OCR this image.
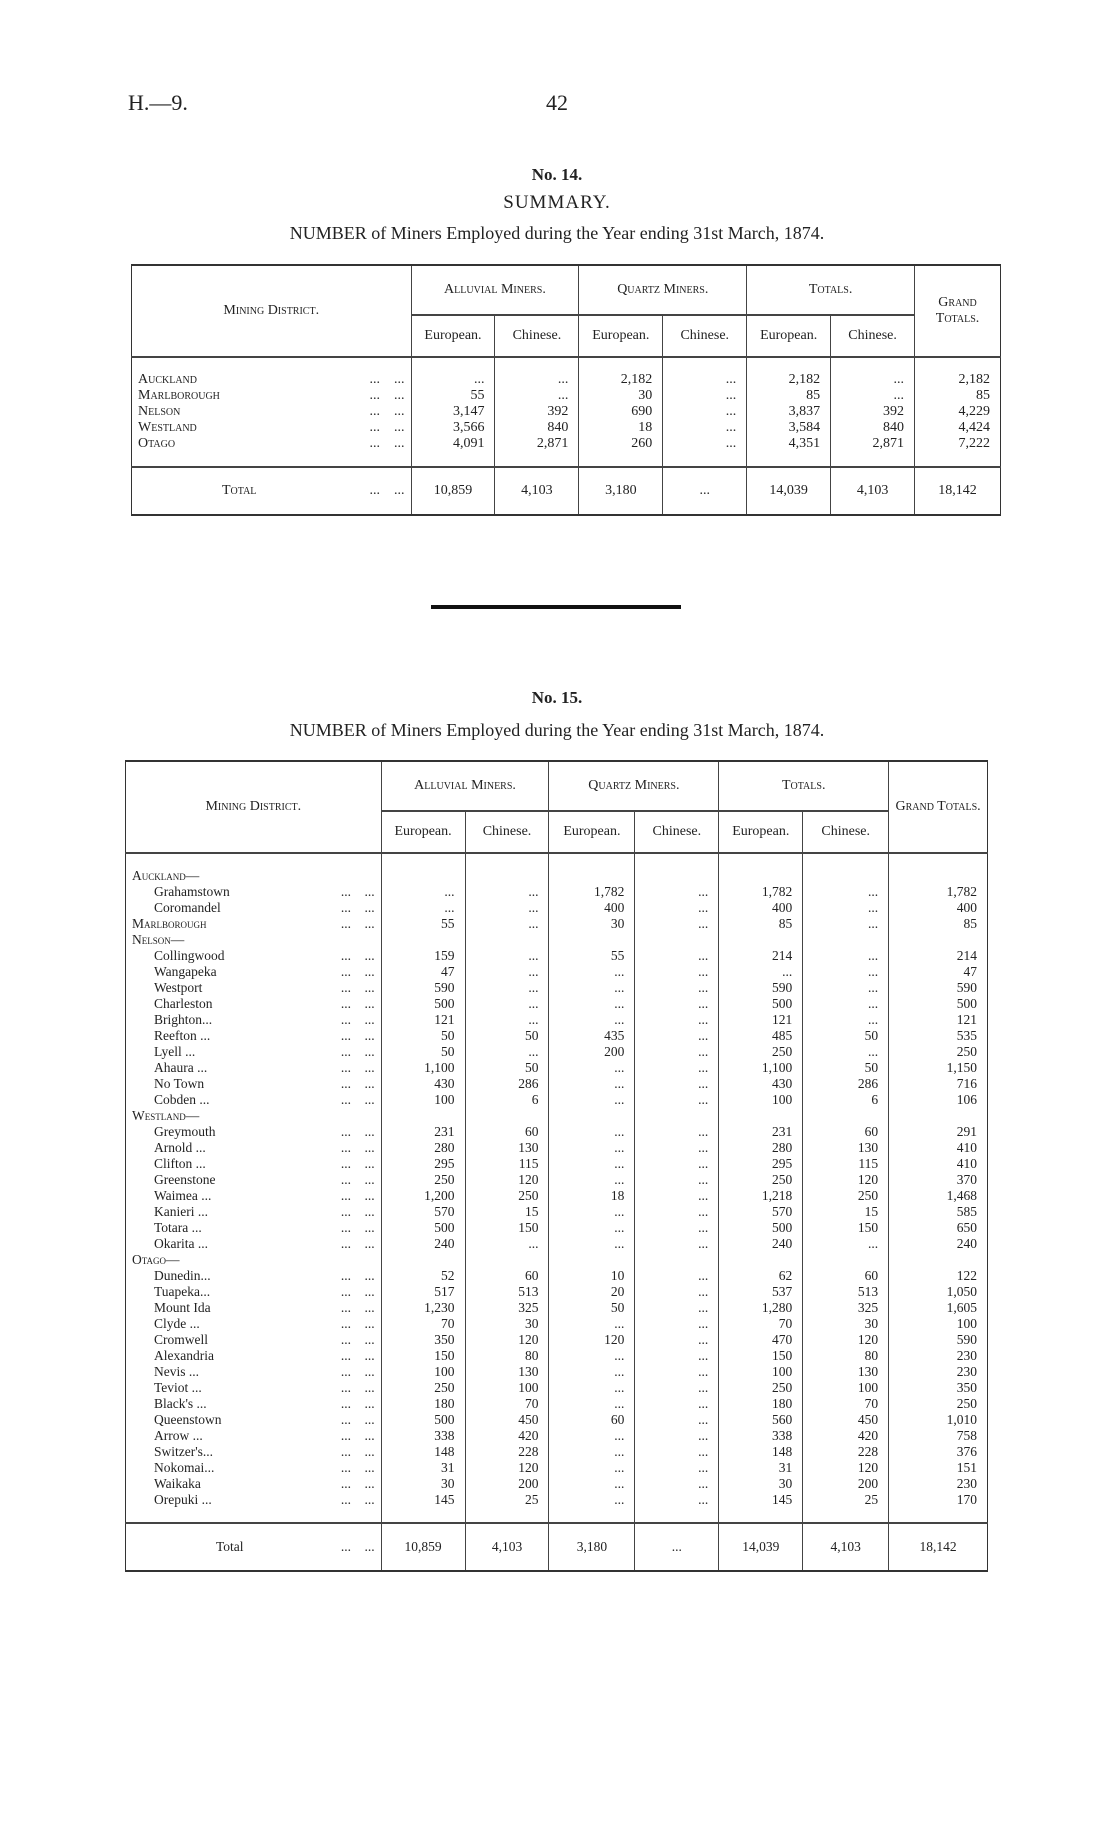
H.—9.	42
No. 14.
SUMMARY.
NUMBER of Miners Employed during the Year ending 31st March, 1874.
No. 15.
NUMBER of Miners Employed during the Year ending 31st March, 1874.
Mining District.	Alluvial Miners.		Quartz Miners.		Totals.		Grand Totals.
	European.	Chinese.	European.	Chinese.	European.	Chinese.	

Auckland ...    ...	...	...	2,182	...	2,182	...	2,182
Marlborough ...    ...	55	...	30	...	85	...	85
Nelson ...    ...	3,147	392	690	...	3,837	392	4,229
Westland ...    ...	3,566	840	18	...	3,584	840	4,424
Otago ...    ...	4,091	2,871	260	...	4,351	2,871	7,222

Total ...    ...	10,859	4,103	3,180	...	14,039	4,103	18,142
Mining District.	Alluvial Miners.		Quartz Miners.		Totals.		Grand Totals.
	European.	Chinese.	European.	Chinese.	European.	Chinese.	

Auckland—							
Grahamstown ...    ...	...	...	1,782	...	1,782	...	1,782
Coromandel ...    ...	...	...	400	...	400	...	400
Marlborough ...    ...	55	...	30	...	85	...	85
Nelson—							
Collingwood ...    ...	159	...	55	...	214	...	214
Wangapeka ...    ...	47	...	...	...	...	...	47
Westport ...    ...	590	...	...	...	590	...	590
Charleston ...    ...	500	...	...	...	500	...	500
Brighton... ...    ...	121	...	...	...	121	...	121
Reefton ... ...    ...	50	50	435	...	485	50	535
Lyell ... ...    ...	50	...	200	...	250	...	250
Ahaura ... ...    ...	1,100	50	...	...	1,100	50	1,150
No Town ...    ...	430	286	...	...	430	286	716
Cobden ... ...    ...	100	6	...	...	100	6	106
Westland—							
Greymouth ...    ...	231	60	...	...	231	60	291
Arnold ... ...    ...	280	130	...	...	280	130	410
Clifton ... ...    ...	295	115	...	...	295	115	410
Greenstone ...    ...	250	120	...	...	250	120	370
Waimea ... ...    ...	1,200	250	18	...	1,218	250	1,468
Kanieri ... ...    ...	570	15	...	...	570	15	585
Totara ... ...    ...	500	150	...	...	500	150	650
Okarita ... ...    ...	240	...	...	...	240	...	240
Otago—							
Dunedin... ...    ...	52	60	10	...	62	60	122
Tuapeka... ...    ...	517	513	20	...	537	513	1,050
Mount Ida ...    ...	1,230	325	50	...	1,280	325	1,605
Clyde ... ...    ...	70	30	...	...	70	30	100
Cromwell ...    ...	350	120	120	...	470	120	590
Alexandria ...    ...	150	80	...	...	150	80	230
Nevis ... ...    ...	100	130	...	...	100	130	230
Teviot ... ...    ...	250	100	...	...	250	100	350
Black's ... ...    ...	180	70	...	...	180	70	250
Queenstown ...    ...	500	450	60	...	560	450	1,010
Arrow ... ...    ...	338	420	...	...	338	420	758
Switzer's... ...    ...	148	228	...	...	148	228	376
Nokomai... ...    ...	31	120	...	...	31	120	151
Waikaka ...    ...	30	200	...	...	30	200	230
Orepuki ... ...    ...	145	25	...	...	145	25	170

Total ...    ...	10,859	4,103	3,180	...	14,039	4,103	18,142
